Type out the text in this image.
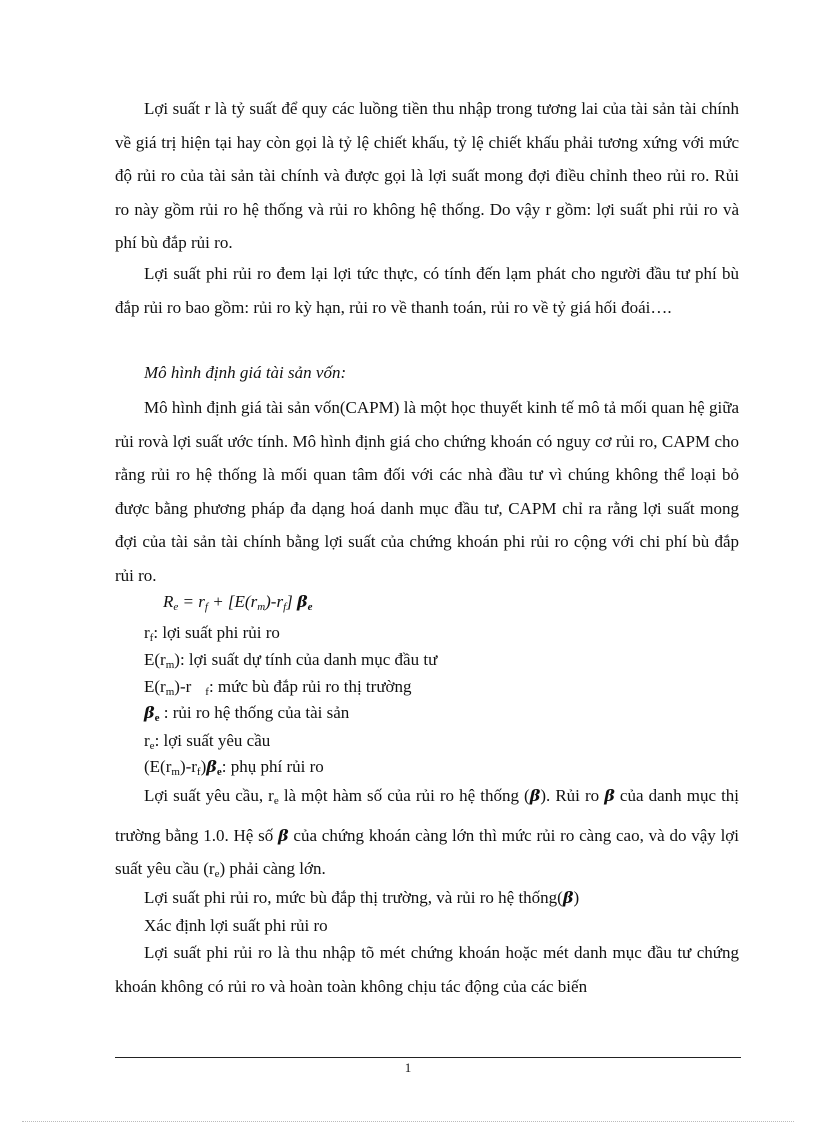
Lợi suất r là tỷ suất để quy các luồng tiền thu nhập trong tương lai của tài sản tài chính về giá trị hiện tại hay còn gọi là tỷ lệ chiết khấu, tỷ lệ chiết khấu phải tương xứng với mức độ rủi ro của tài sản tài chính và được gọi là lợi suất mong đợi điều chỉnh theo rủi ro. Rủi ro này gồm rủi ro hệ thống và rủi ro không hệ thống. Do vậy r gồm: lợi suất phi rủi ro và phí bù đắp rủi ro.

Lợi suất phi rủi ro đem lại lợi tức thực, có tính đến lạm phát cho người đầu tư phí bù đắp rủi ro bao gồm: rủi ro kỳ hạn, rủi ro về thanh toán, rủi ro về tỷ giá hối đoái….

Mô hình định giá tài sản vốn:

Mô hình định giá tài sản vốn(CAPM) là một học thuyết kinh tế mô tả mối quan hệ giữa rủi rovà lợi suất ước tính. Mô hình định giá cho chứng khoán có nguy cơ rủi ro, CAPM cho rằng rủi ro hệ thống là mối quan tâm đối với các nhà đầu tư vì chúng không thể loại bỏ được bằng phương pháp đa dạng hoá danh mục đầu tư, CAPM chỉ ra rằng lợi suất mong đợi của tài sản tài chính bằng lợi suất của chứng khoán phi rủi ro cộng với chi phí bù đắp rủi ro.

$R_e = r_f + [E(r_m)-r_f]$ $\beta_e$
$r_f$: lợi suất phi rủi ro
$E(r_m)$: lợi suất dự tính của danh mục đầu tư
$E(r_m)-r$ $_f$: mức bù đắp rủi ro thị trường
$\beta_e$ : rủi ro hệ thống của tài sản
$r_e$: lợi suất yêu cầu
$(E(r_m)-r_f)\beta_e$: phụ phí rủi ro

Lợi suất yêu cầu, $r_e$ là một hàm số của rủi ro hệ thống (β). Rủi ro β của danh mục thị trường bằng 1.0. Hệ số β của chứng khoán càng lớn thì mức rủi ro càng cao, và do vậy lợi suất yêu cầu $(r_e)$ phải càng lớn.

Lợi suất phi rủi ro, mức bù đắp thị trường, và rủi ro hệ thống(β)
Xác định lợi suất phi rủi ro

Lợi suất phi rủi ro là thu nhập tõ mét chứng khoán hoặc mét danh mục đầu tư chứng khoán không có rủi ro và hoàn toàn không chịu tác động của các biến

1
